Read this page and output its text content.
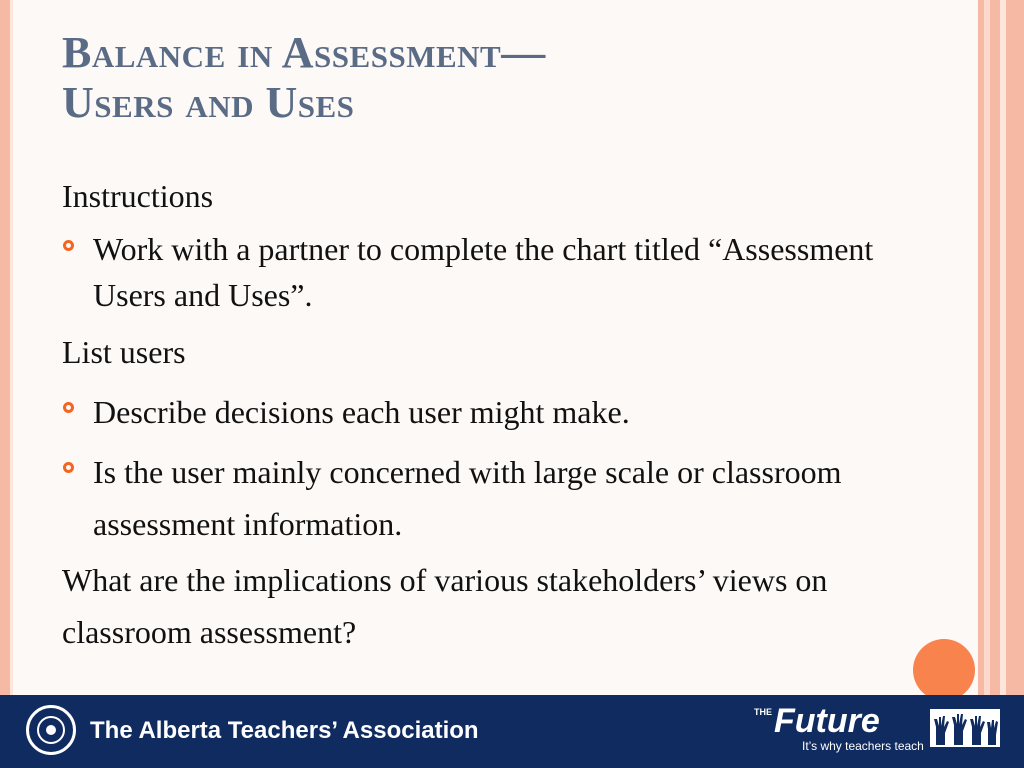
Balance in Assessment—
Users and Uses

Instructions

Work with a partner to complete the chart titled “Assessment Users and Uses”.

List users

Describe decisions each user might make.

Is the user mainly concerned with large scale or classroom assessment information.

What are the implications of various stakeholders’ views on classroom assessment?

The Alberta Teachers’ Association
THE Future
It’s why teachers teach
